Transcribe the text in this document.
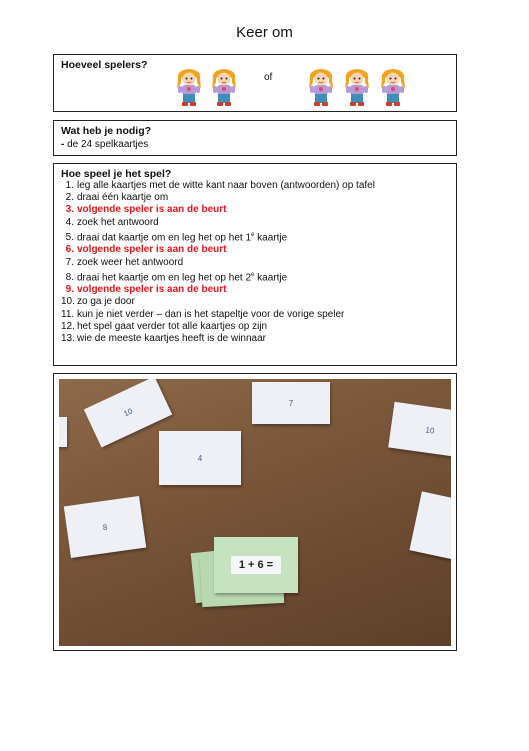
Keer om
Hoeveel spelers?
of
Wat heb je nodig?
- de 24 spelkaartjes
Hoe speel je het spel?
1. leg alle kaartjes met de witte kant naar boven (antwoorden) op tafel
2. draai één kaartje om
3. volgende speler is aan de beurt
4. zoek het antwoord
5. draai dat kaartje om en leg het op het 1e kaartje
6. volgende speler is aan de beurt
7. zoek weer het antwoord
8. draai het kaartje om en leg het op het 2e kaartje
9. volgende speler is aan de beurt
10. zo ga je door
11. kun je niet verder – dan is het stapeltje voor de vorige speler
12. het spel gaat verder tot alle kaartjes op zijn
13. wie de meeste kaartjes heeft is de winnaar
10
7
10
4
8
1 + 6 =
